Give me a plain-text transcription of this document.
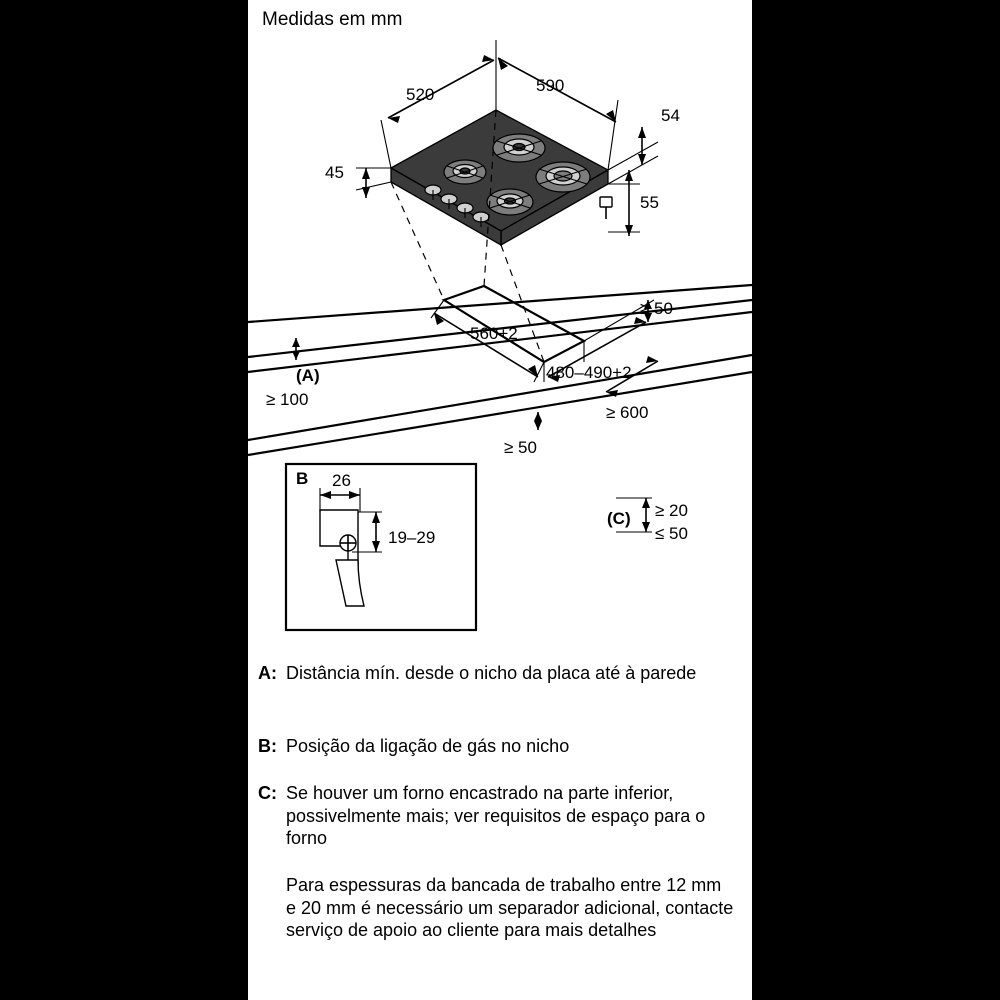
Medidas em mm
520	590
54
45
55
560+2
480–490+2
≥ 50
≥ 600
≥ 50
(A)
≥ 100
(C) ≥ 20
≤ 50
B 26
19–29
A: Distância mín. desde o nicho da placa até à parede
B: Posição da ligação de gás no nicho
C: Se houver um forno encastrado na parte inferior, possivelmente mais; ver requisitos de espaço para o forno
Para espessuras da bancada de trabalho entre 12 mm e 20 mm é necessário um separador adicional, contacte serviço de apoio ao cliente para mais detalhes
